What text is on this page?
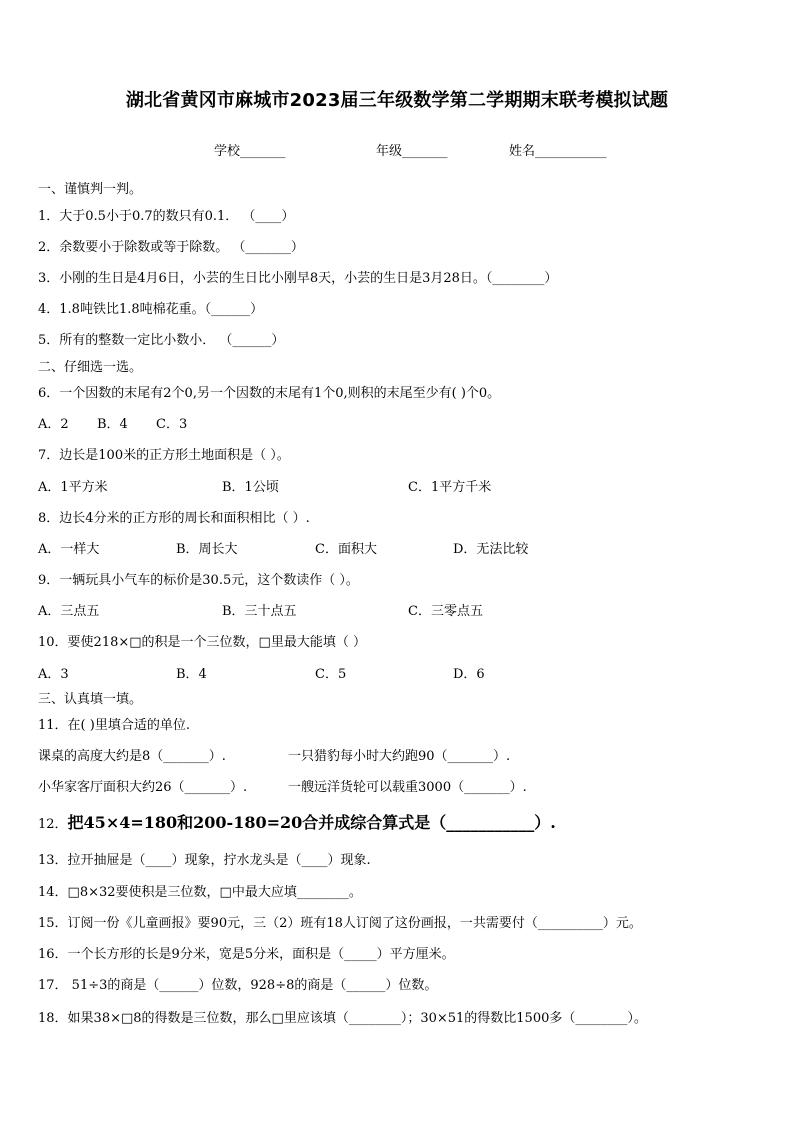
湖北省黄冈市麻城市2023届三年级数学第二学期期末联考模拟试题
学校_______	年级_______	姓名___________
一、谨慎判一判。
1．大于0.5小于0.7的数只有0.1． （____）
2．余数要小于除数或等于除数。 （_______）
3．小刚的生日是4月6日，小芸的生日比小刚早8天，小芸的生日是3月28日。（________）
4．1.8吨铁比1.8吨棉花重。（______）
5．所有的整数一定比小数小． （______）
二、仔细选一选。
6．一个因数的末尾有2个0,另一个因数的末尾有1个0,则积的末尾至少有( )个0。
A．2 B．4 C．3
7．边长是100米的正方形土地面积是（ ）。
A．1平方米	B．1公顷	C．1平方千米
8．边长4分米的正方形的周长和面积相比（ ）.
A．一样大	B．周长大	C．面积大	D．无法比较
9．一辆玩具小气车的标价是30.5元，这个数读作（ ）。
A．三点五	B．三十点五	C．三零点五
10．要使218×□的积是一个三位数，□里最大能填（ ）
A．3	B．4	C．5	D．6
三、认真填一填。
11．在( )里填合适的单位.
课桌的高度大约是8（_______）.	一只猎豹每小时大约跑90（_______）.
小华家客厅面积大约26（_______）.	一艘远洋货轮可以载重3000（_______）.
12．把45×4=180和200-180=20合并成综合算式是（___________）.
13．拉开抽屉是（____）现象，拧水龙头是（____）现象.
14．□8×32要使积是三位数，□中最大应填________。
15．订阅一份《儿童画报》要90元，三（2）班有18人订阅了这份画报，一共需要付（__________）元。
16．一个长方形的长是9分米，宽是5分米，面积是（_____）平方厘米。
17． 51÷3的商是（______）位数，928÷8的商是（______）位数。
18．如果38×□8的得数是三位数，那么□里应该填（________）；30×51的得数比1500多（________）。
